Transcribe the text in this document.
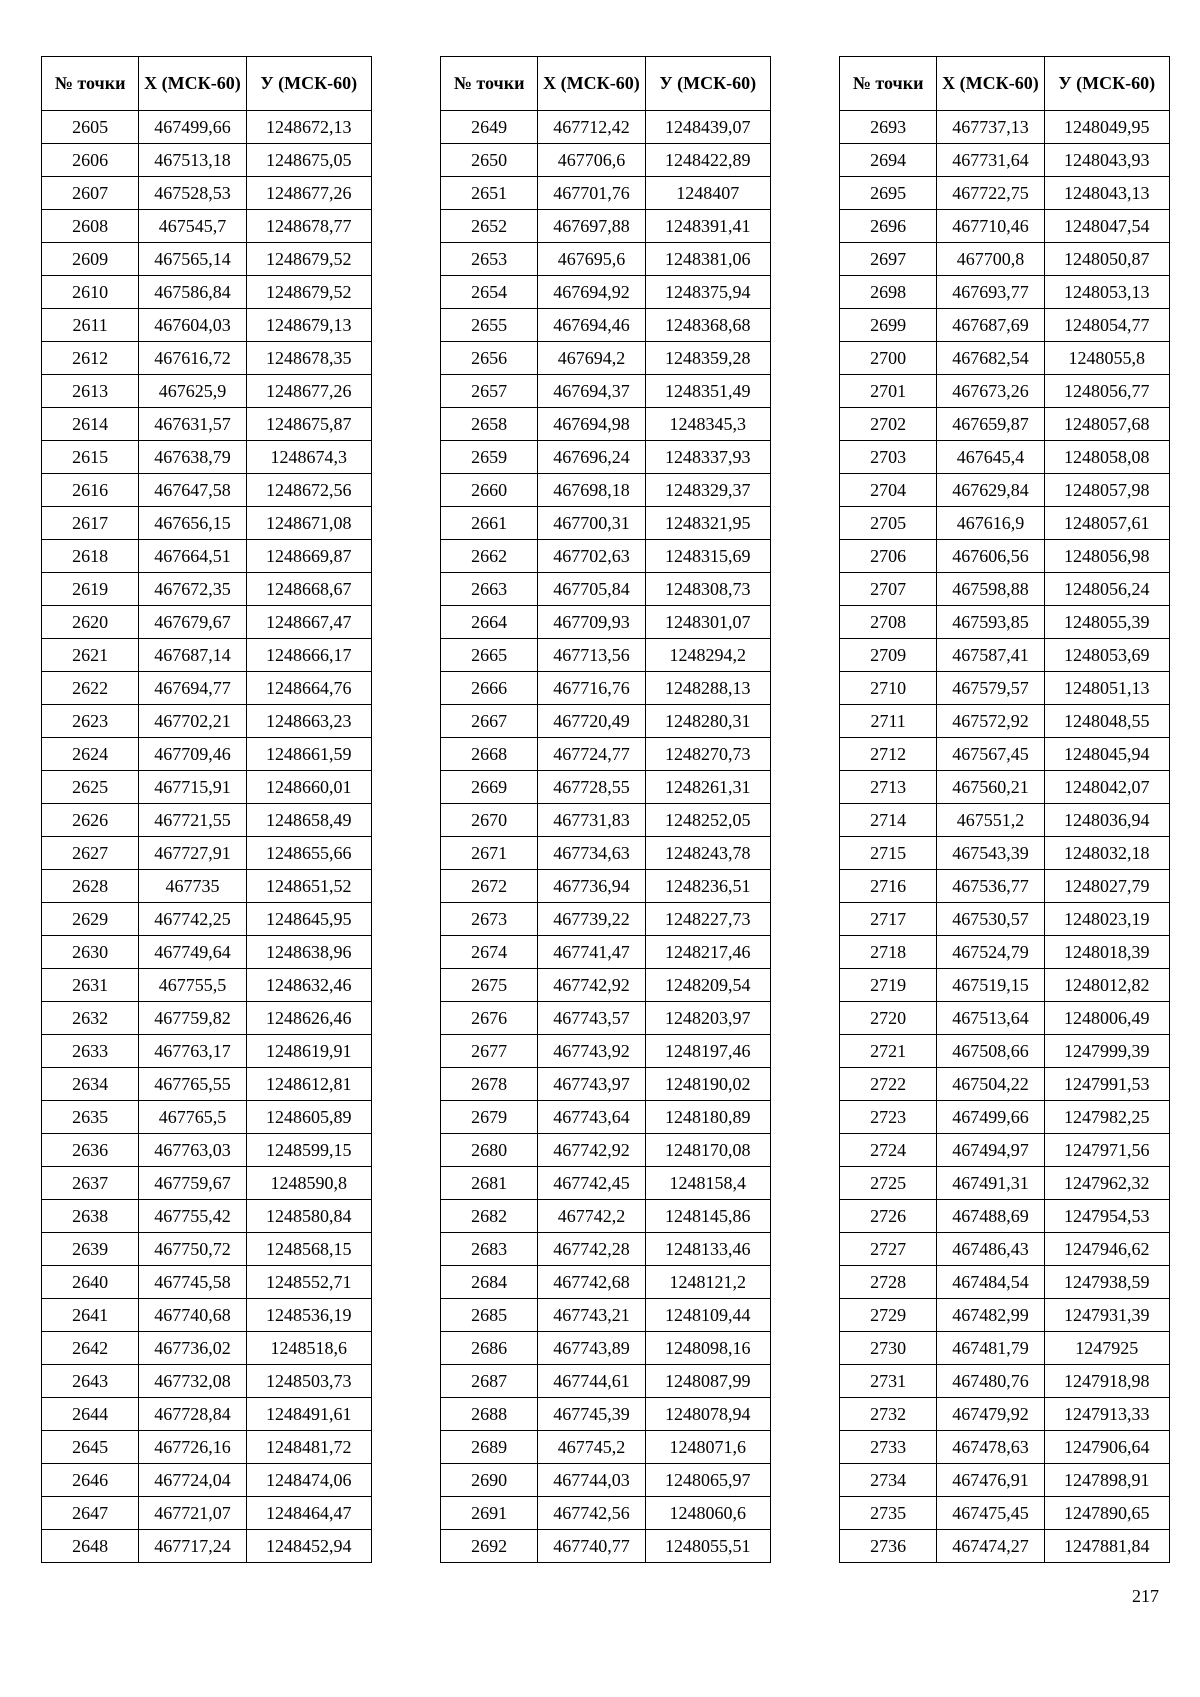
№ точки	Х (МСК-60)	У (МСК-60)
2605	467499,66	1248672,13
2606	467513,18	1248675,05
2607	467528,53	1248677,26
2608	467545,7	1248678,77
2609	467565,14	1248679,52
2610	467586,84	1248679,52
2611	467604,03	1248679,13
2612	467616,72	1248678,35
2613	467625,9	1248677,26
2614	467631,57	1248675,87
2615	467638,79	1248674,3
2616	467647,58	1248672,56
2617	467656,15	1248671,08
2618	467664,51	1248669,87
2619	467672,35	1248668,67
2620	467679,67	1248667,47
2621	467687,14	1248666,17
2622	467694,77	1248664,76
2623	467702,21	1248663,23
2624	467709,46	1248661,59
2625	467715,91	1248660,01
2626	467721,55	1248658,49
2627	467727,91	1248655,66
2628	467735	1248651,52
2629	467742,25	1248645,95
2630	467749,64	1248638,96
2631	467755,5	1248632,46
2632	467759,82	1248626,46
2633	467763,17	1248619,91
2634	467765,55	1248612,81
2635	467765,5	1248605,89
2636	467763,03	1248599,15
2637	467759,67	1248590,8
2638	467755,42	1248580,84
2639	467750,72	1248568,15
2640	467745,58	1248552,71
2641	467740,68	1248536,19
2642	467736,02	1248518,6
2643	467732,08	1248503,73
2644	467728,84	1248491,61
2645	467726,16	1248481,72
2646	467724,04	1248474,06
2647	467721,07	1248464,47
2648	467717,24	1248452,94
№ точки	Х (МСК-60)	У (МСК-60)
2649	467712,42	1248439,07
2650	467706,6	1248422,89
2651	467701,76	1248407
2652	467697,88	1248391,41
2653	467695,6	1248381,06
2654	467694,92	1248375,94
2655	467694,46	1248368,68
2656	467694,2	1248359,28
2657	467694,37	1248351,49
2658	467694,98	1248345,3
2659	467696,24	1248337,93
2660	467698,18	1248329,37
2661	467700,31	1248321,95
2662	467702,63	1248315,69
2663	467705,84	1248308,73
2664	467709,93	1248301,07
2665	467713,56	1248294,2
2666	467716,76	1248288,13
2667	467720,49	1248280,31
2668	467724,77	1248270,73
2669	467728,55	1248261,31
2670	467731,83	1248252,05
2671	467734,63	1248243,78
2672	467736,94	1248236,51
2673	467739,22	1248227,73
2674	467741,47	1248217,46
2675	467742,92	1248209,54
2676	467743,57	1248203,97
2677	467743,92	1248197,46
2678	467743,97	1248190,02
2679	467743,64	1248180,89
2680	467742,92	1248170,08
2681	467742,45	1248158,4
2682	467742,2	1248145,86
2683	467742,28	1248133,46
2684	467742,68	1248121,2
2685	467743,21	1248109,44
2686	467743,89	1248098,16
2687	467744,61	1248087,99
2688	467745,39	1248078,94
2689	467745,2	1248071,6
2690	467744,03	1248065,97
2691	467742,56	1248060,6
2692	467740,77	1248055,51
№ точки	Х (МСК-60)	У (МСК-60)
2693	467737,13	1248049,95
2694	467731,64	1248043,93
2695	467722,75	1248043,13
2696	467710,46	1248047,54
2697	467700,8	1248050,87
2698	467693,77	1248053,13
2699	467687,69	1248054,77
2700	467682,54	1248055,8
2701	467673,26	1248056,77
2702	467659,87	1248057,68
2703	467645,4	1248058,08
2704	467629,84	1248057,98
2705	467616,9	1248057,61
2706	467606,56	1248056,98
2707	467598,88	1248056,24
2708	467593,85	1248055,39
2709	467587,41	1248053,69
2710	467579,57	1248051,13
2711	467572,92	1248048,55
2712	467567,45	1248045,94
2713	467560,21	1248042,07
2714	467551,2	1248036,94
2715	467543,39	1248032,18
2716	467536,77	1248027,79
2717	467530,57	1248023,19
2718	467524,79	1248018,39
2719	467519,15	1248012,82
2720	467513,64	1248006,49
2721	467508,66	1247999,39
2722	467504,22	1247991,53
2723	467499,66	1247982,25
2724	467494,97	1247971,56
2725	467491,31	1247962,32
2726	467488,69	1247954,53
2727	467486,43	1247946,62
2728	467484,54	1247938,59
2729	467482,99	1247931,39
2730	467481,79	1247925
2731	467480,76	1247918,98
2732	467479,92	1247913,33
2733	467478,63	1247906,64
2734	467476,91	1247898,91
2735	467475,45	1247890,65
2736	467474,27	1247881,84
217
